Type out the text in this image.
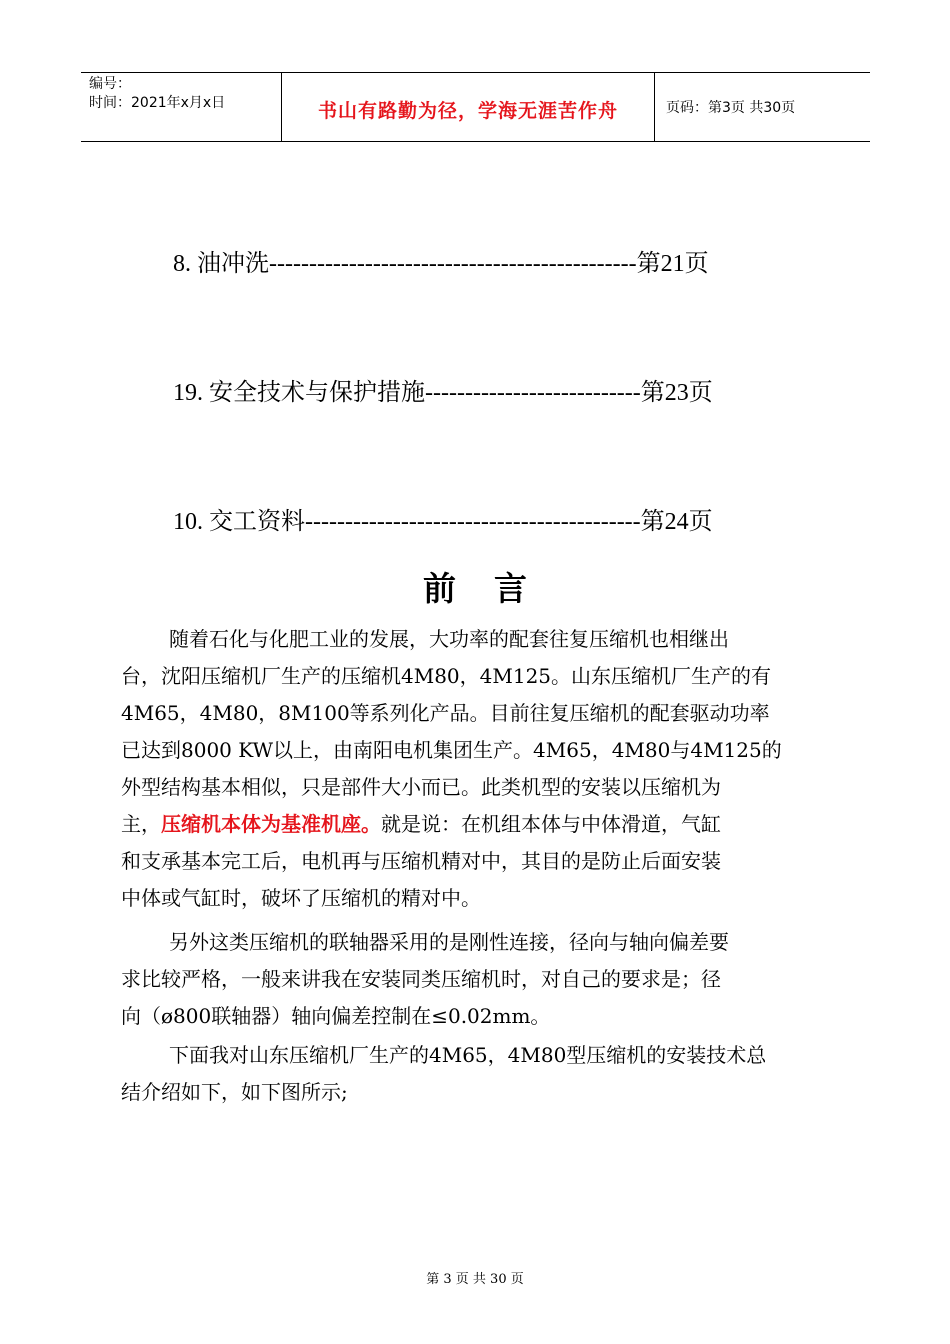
编号：
时间：2021年x月x日	书山有路勤为径，学海无涯苦作舟	页码：第3页 共30页
8. 油冲洗----------------------------------------------第21页
19. 安全技术与保护措施---------------------------第23页
10. 交工资料------------------------------------------第24页
前言
随着石化与化肥工业的发展，大功率的配套往复压缩机也相继出
台，沈阳压缩机厂生产的压缩机4M80，4M125。山东压缩机厂生产的有
4M65，4M80，8M100等系列化产品。目前往复压缩机的配套驱动功率
已达到8000 KW以上，由南阳电机集团生产。4M65，4M80与4M125的
外型结构基本相似，只是部件大小而已。此类机型的安装以压缩机为
主，压缩机本体为基准机座。就是说：在机组本体与中体滑道，气缸
和支承基本完工后，电机再与压缩机精对中，其目的是防止后面安装
中体或气缸时，破坏了压缩机的精对中。
另外这类压缩机的联轴器采用的是刚性连接，径向与轴向偏差要
求比较严格，一般来讲我在安装同类压缩机时，对自己的要求是；径
向（ø800联轴器）轴向偏差控制在≤0.02mm。
下面我对山东压缩机厂生产的4M65，4M80型压缩机的安装技术总
结介绍如下，如下图所示;
第 3 页 共 30 页
